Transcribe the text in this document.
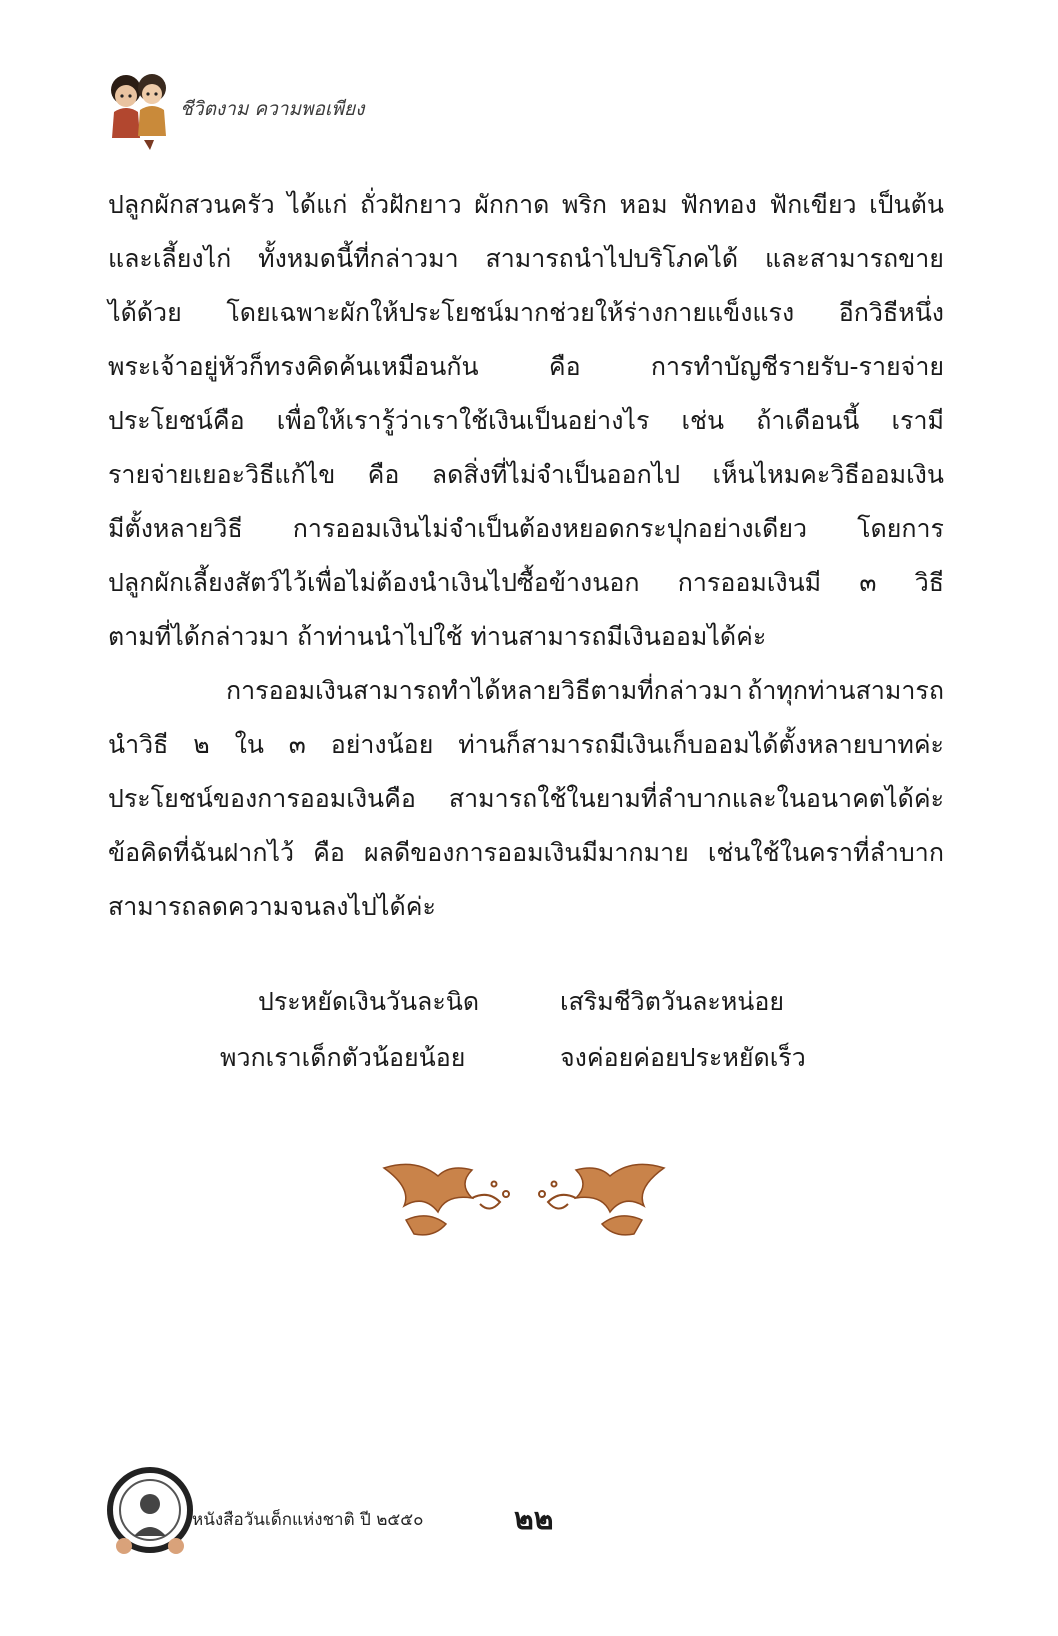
ชีวิตงาม ความพอเพียง
ปลูกผักสวนครัว ได้แก่ ถั่วฝักยาว ผักกาด พริก หอม ฟักทอง ฟักเขียว เป็นต้น
และเลี้ยงไก่ ทั้งหมดนี้ที่กล่าวมา สามารถนำไปบริโภคได้ และสามารถขาย
ได้ด้วย โดยเฉพาะผักให้ประโยชน์มากช่วยให้ร่างกายแข็งแรง อีกวิธีหนึ่ง
พระเจ้าอยู่หัวก็ทรงคิดค้นเหมือนกัน	คือ	การทำบัญชีรายรับ-รายจ่าย
ประโยชน์คือ เพื่อให้เรารู้ว่าเราใช้เงินเป็นอย่างไร เช่น ถ้าเดือนนี้ เรามี
รายจ่ายเยอะวิธีแก้ไข คือ ลดสิ่งที่ไม่จำเป็นออกไป เห็นไหมคะวิธีออมเงิน
มีตั้งหลายวิธี การออมเงินไม่จำเป็นต้องหยอดกระปุกอย่างเดียว โดยการ
ปลูกผักเลี้ยงสัตว์ไว้เพื่อไม่ต้องนำเงินไปซื้อข้างนอก การออมเงินมี ๓ วิธี
ตามที่ได้กล่าวมา ถ้าท่านนำไปใช้ ท่านสามารถมีเงินออมได้ค่ะ
การออมเงินสามารถทำได้หลายวิธีตามที่กล่าวมา ถ้าทุกท่านสามารถ
นำวิธี ๒ ใน ๓ อย่างน้อย ท่านก็สามารถมีเงินเก็บออมได้ตั้งหลายบาทค่ะ
ประโยชน์ของการออมเงินคือ สามารถใช้ในยามที่ลำบากและในอนาคตได้ค่ะ
ข้อคิดที่ฉันฝากไว้ คือ ผลดีของการออมเงินมีมากมาย เช่นใช้ในคราที่ลำบาก
สามารถลดความจนลงไปได้ค่ะ
ประหยัดเงินวันละนิด	เสริมชีวิตวันละหน่อย
พวกเราเด็กตัวน้อยน้อย	จงค่อยค่อยประหยัดเร็ว
หนังสือวันเด็กแห่งชาติ ปี ๒๕๕๐	๒๒
